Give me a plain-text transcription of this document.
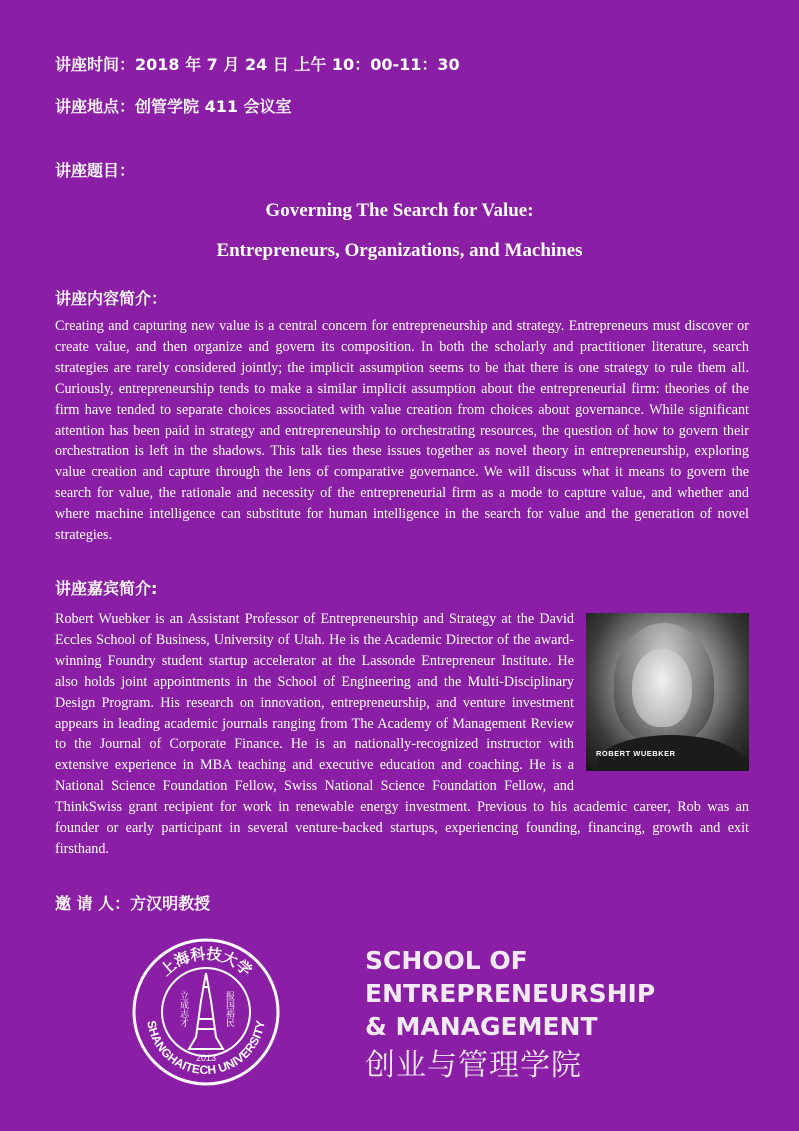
讲座时间：2018 年 7 月 24 日 上午 10：00-11：30
讲座地点：创管学院 411 会议室
讲座题目：
Governing The Search for Value:
Entrepreneurs, Organizations, and Machines
讲座内容简介：
Creating and capturing new value is a central concern for entrepreneurship and strategy. Entrepreneurs must discover or create value, and then organize and govern its composition. In both the scholarly and practitioner literature, search strategies are rarely considered jointly; the implicit assumption seems to be that there is one strategy to rule them all. Curiously, entrepreneurship tends to make a similar implicit assumption about the entrepreneurial firm: theories of the firm have tended to separate choices associated with value creation from choices about governance. While significant attention has been paid in strategy and entrepreneurship to orchestrating resources, the question of how to govern their orchestration is left in the shadows. This talk ties these issues together as novel theory in entrepreneurship, exploring value creation and capture through the lens of comparative governance. We will discuss what it means to govern the search for value, the rationale and necessity of the entrepreneurial firm as a mode to capture value, and whether and where machine intelligence can substitute for human intelligence in the search for value and the generation of novel strategies.
讲座嘉宾简介:
ROBERT WUEBKER
Robert Wuebker is an Assistant Professor of Entrepreneurship and Strategy at the David Eccles School of Business, University of Utah. He is the Academic Director of the award-winning Foundry student startup accelerator at the Lassonde Entrepreneur Institute. He also holds joint appointments in the School of Engineering and the Multi-Disciplinary Design Program. His research on innovation, entrepreneurship, and venture investment appears in leading academic journals ranging from The Academy of Management Review to the Journal of Corporate Finance. He is an nationally-recognized instructor with extensive experience in MBA teaching and executive education and coaching. He is a National Science Foundation Fellow, Swiss National Science Foundation Fellow, and ThinkSwiss grant recipient for work in renewable energy investment. Previous to his academic career, Rob was an founder or early participant in several venture-backed startups, experiencing founding, financing, growth and exit firsthand.
邀 请 人：方汉明教授
上海科技大学
SHANGHAITECH UNIVERSITY
立成志才	报国裕民
2013
SCHOOL OF
ENTREPRENEURSHIP
& MANAGEMENT
创业与管理学院
